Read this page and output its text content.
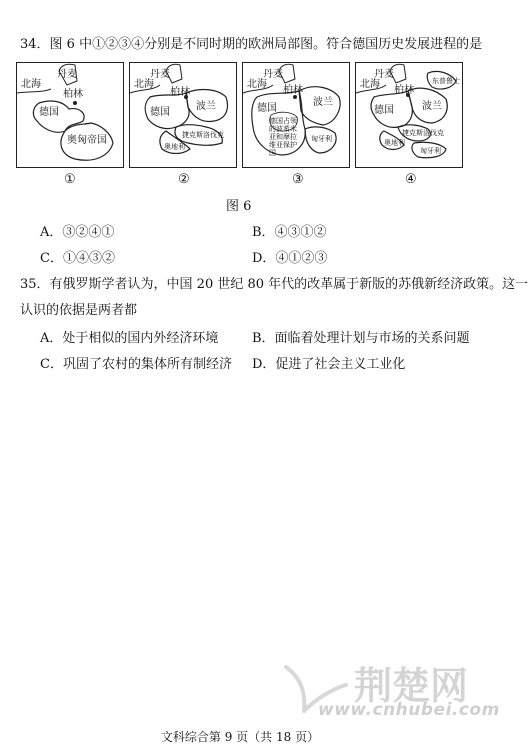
34．图 6 中①②③④分别是不同时期的欧洲局部图。符合德国历史发展进程的是
丹麦
北海
柏林
德国
奥匈帝国
丹麦
北海
柏林
德国
波兰
捷克斯洛伐克
奥地利
丹麦
北海
柏林
德国
波兰
德国占领的波希米亚和摩拉维亚保护国
匈牙利
丹麦
北海
柏林
东普鲁士
德国	波兰
捷克斯洛伐克
奥地利
匈牙利
①	②	③	④
图 6
A．③②④①	B．④③①②
C．①④③②	D．④①②③
35．有俄罗斯学者认为，中国 20 世纪 80 年代的改革属于新版的苏俄新经济政策。这一
认识的依据是两者都
A．处于相似的国内外经济环境	B．面临着处理计划与市场的关系问题
C．巩固了农村的集体所有制经济 D．促进了社会主义工业化
荆楚网
www.cnhubei.com
文科综合第 9 页（共 18 页）
